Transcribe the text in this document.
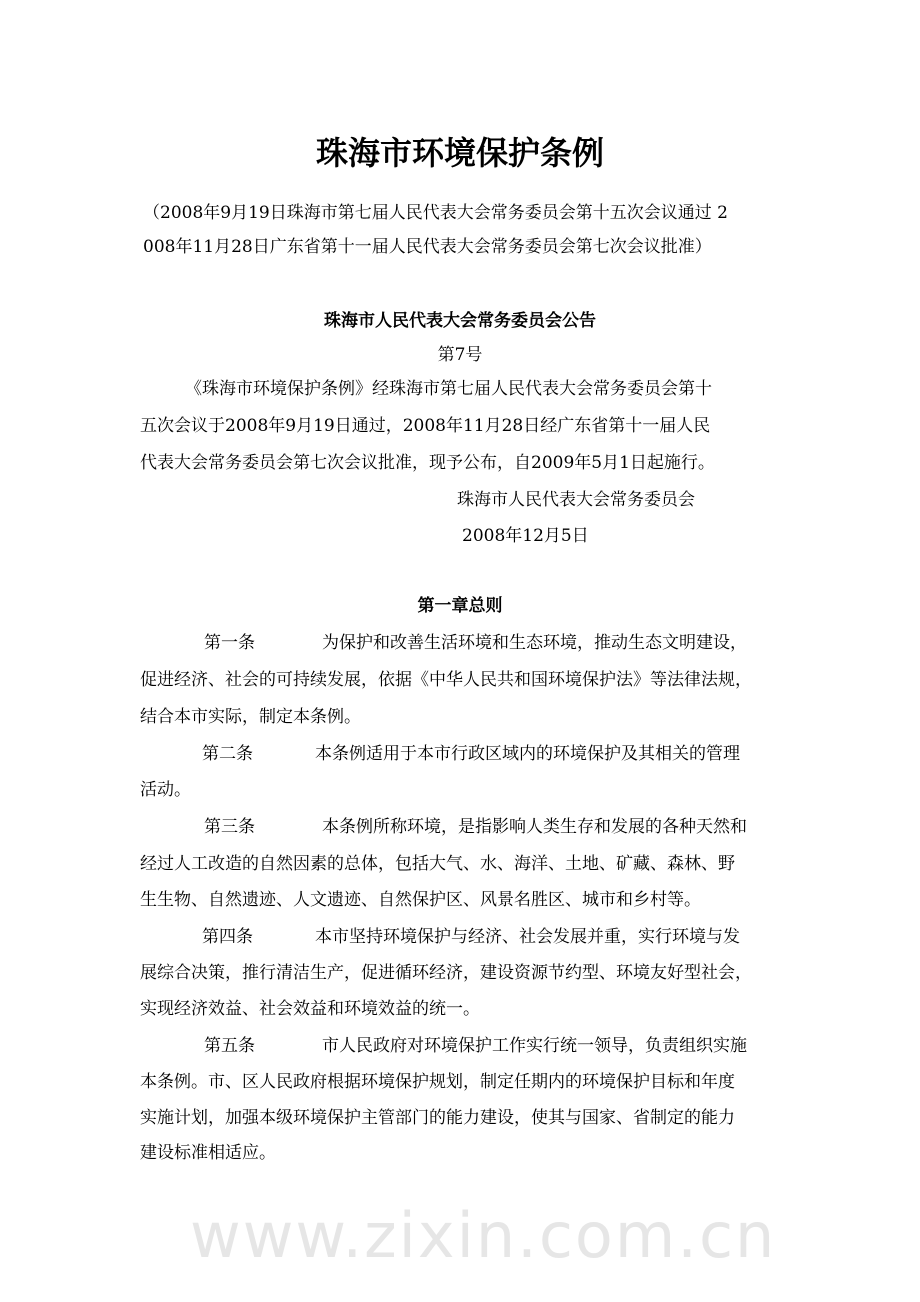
www.zixin.com.cn
珠海市环境保护条例
（2008年9月19日珠海市第七届人民代表大会常务委员会第十五次会议通过 2
008年11月28日广东省第十一届人民代表大会常务委员会第七次会议批准）
珠海市人民代表大会常务委员会公告
第7号
《珠海市环境保护条例》经珠海市第七届人民代表大会常务委员会第十
五次会议于2008年9月19日通过，2008年11月28日经广东省第十一届人民
代表大会常务委员会第七次会议批准，现予公布，自2009年5月1日起施行。
珠海市人民代表大会常务委员会
2008年12月5日
第一章总则
第一条	为保护和改善生活环境和生态环境，推动生态文明建设，
促进经济、社会的可持续发展，依据《中华人民共和国环境保护法》等法律法规，
结合本市实际，制定本条例。
第二条	本条例适用于本市行政区域内的环境保护及其相关的管理
活动。
第三条	本条例所称环境，是指影响人类生存和发展的各种天然和
经过人工改造的自然因素的总体，包括大气、水、海洋、土地、矿藏、森林、野
生生物、自然遗迹、人文遗迹、自然保护区、风景名胜区、城市和乡村等。
第四条	本市坚持环境保护与经济、社会发展并重，实行环境与发
展综合决策，推行清洁生产，促进循环经济，建设资源节约型、环境友好型社会，
实现经济效益、社会效益和环境效益的统一。
第五条	市人民政府对环境保护工作实行统一领导，负责组织实施
本条例。市、区人民政府根据环境保护规划，制定任期内的环境保护目标和年度
实施计划，加强本级环境保护主管部门的能力建设，使其与国家、省制定的能力
建设标准相适应。
